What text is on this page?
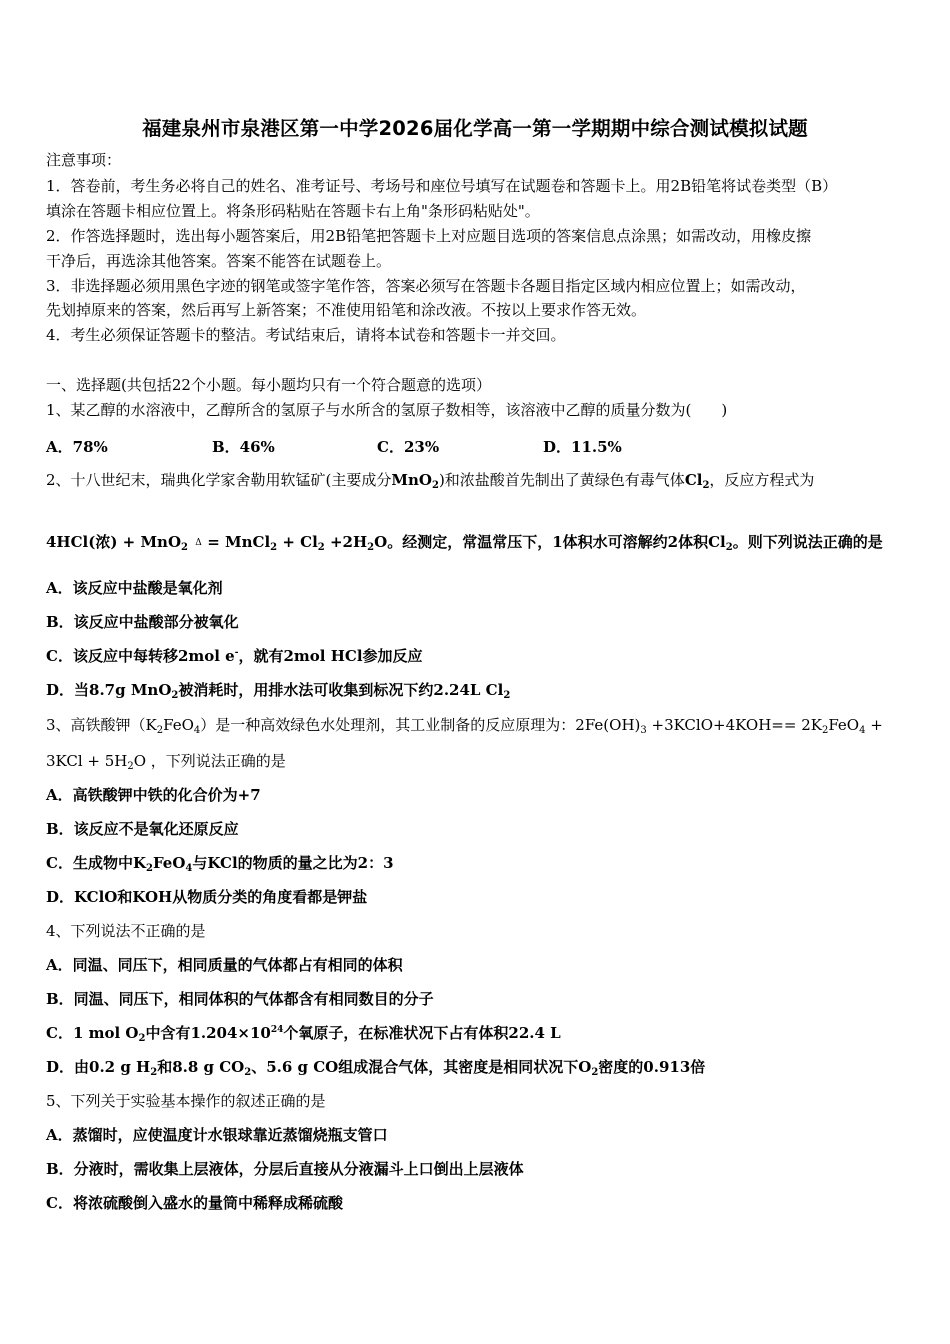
福建泉州市泉港区第一中学2026届化学高一第一学期期中综合测试模拟试题
注意事项：
1．答卷前，考生务必将自己的姓名、准考证号、考场号和座位号填写在试题卷和答题卡上。用2B铅笔将试卷类型（B）
填涂在答题卡相应位置上。将条形码粘贴在答题卡右上角"条形码粘贴处"。
2．作答选择题时，选出每小题答案后，用2B铅笔把答题卡上对应题目选项的答案信息点涂黑；如需改动，用橡皮擦
干净后，再选涂其他答案。答案不能答在试题卷上。
3．非选择题必须用黑色字迹的钢笔或签字笔作答，答案必须写在答题卡各题目指定区域内相应位置上；如需改动，
先划掉原来的答案，然后再写上新答案；不准使用铅笔和涂改液。不按以上要求作答无效。
4．考生必须保证答题卡的整洁。考试结束后，请将本试卷和答题卡一并交回。
一、选择题(共包括22个小题。每小题均只有一个符合题意的选项）
1、某乙醇的水溶液中，乙醇所含的氢原子与水所含的氢原子数相等，该溶液中乙醇的质量分数为(　　)
A．78%	B．46%	C．23%	D．11.5%
2、十八世纪末，瑞典化学家舍勒用软锰矿(主要成分MnO$_2$)和浓盐酸首先制出了黄绿色有毒气体$Cl_2$，反应方程式为
4HCl(浓) + MnO$_2$ Δ = MnCl$_2$ + $Cl_2 +2H_2O$。经测定，常温常压下，1体积水可溶解约2体积$Cl_2$。则下列说法正确的是
A．该反应中盐酸是氧化剂
B．该反应中盐酸部分被氧化
C．该反应中每转移2mol e-，就有2mol HCl参加反应
D．当8.7g MnO$_2$被消耗时，用排水法可收集到标况下约2.24L $Cl_2$
3、高铁酸钾$(K_2FeO_4)$是一种高效绿色水处理剂，其工业制备的反应原理为：$2Fe(OH)_3$ +3KClO+4KOH== $2K_2FeO_4$ +
$3KCl + 5H_2O$ ，下列说法正确的是
A．高铁酸钾中铁的化合价为+7
B．该反应不是氧化还原反应
C．生成物中$K_2FeO_4$与KCl的物质的量之比为2：3
D．KClO和KOH从物质分类的角度看都是钾盐
4、下列说法不正确的是
A．同温、同压下，相同质量的气体都占有相同的体积
B．同温、同压下，相同体积的气体都含有相同数目的分子
C．1 mol $O_2$中含有$1.204\times 10^{24}$个氧原子，在标准状况下占有体积22.4 L
D．由0.2 g $H_2$和8.8 g $CO_2$、5.6 g CO组成混合气体，其密度是相同状况下$O_2$密度的0.913倍
5、下列关于实验基本操作的叙述正确的是
A．蒸馏时，应使温度计水银球靠近蒸馏烧瓶支管口
B．分液时，需收集上层液体，分层后直接从分液漏斗上口倒出上层液体
C．将浓硫酸倒入盛水的量筒中稀释成稀硫酸
